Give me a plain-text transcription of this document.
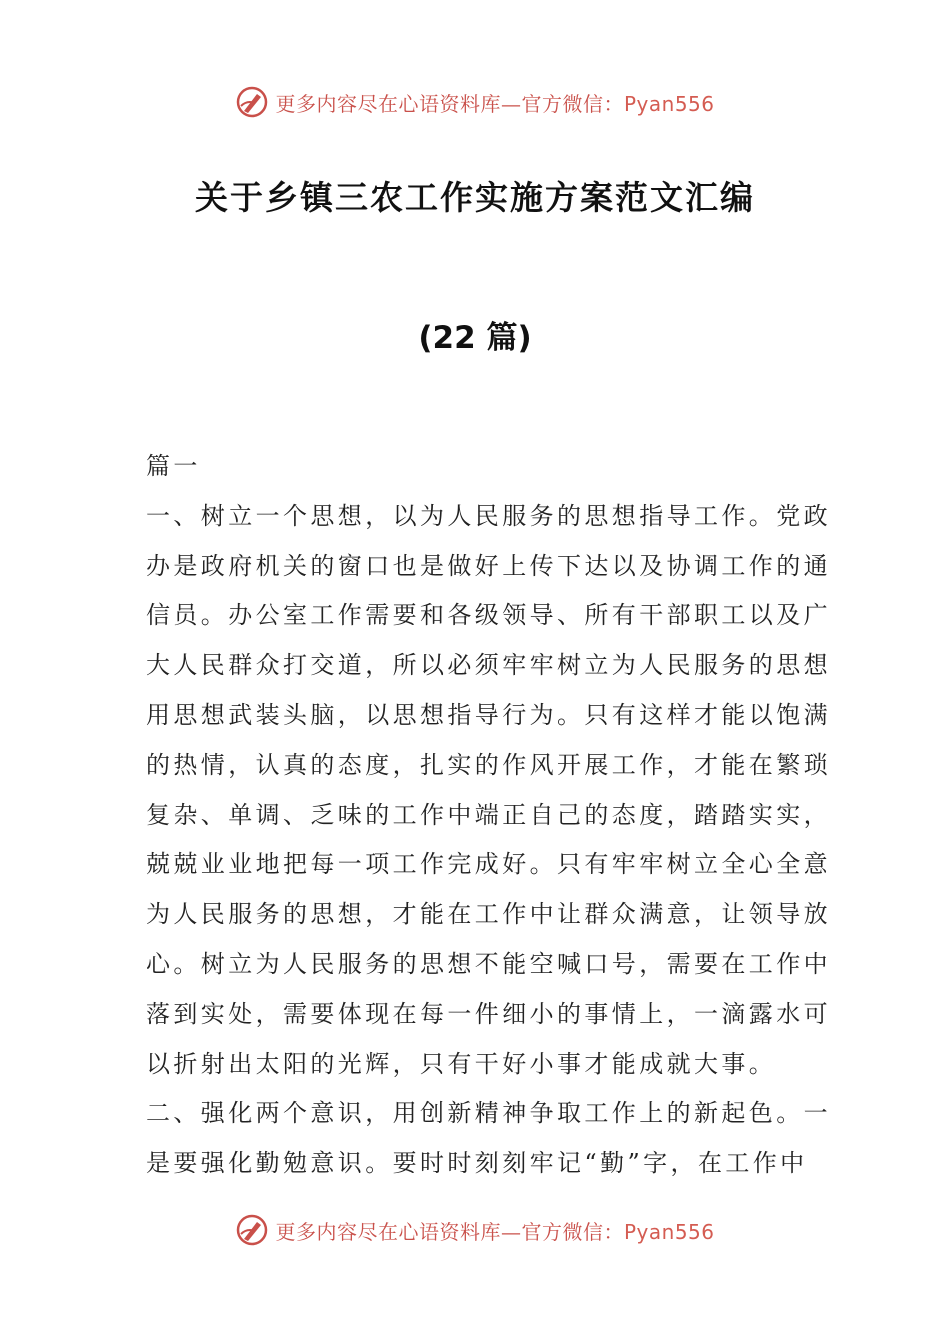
更多内容尽在心语资料库—官方微信：Pyan556
关于乡镇三农工作实施方案范文汇编
(22 篇)
篇一
一、树立一个思想，以为人民服务的思想指导工作。党政
办是政府机关的窗口也是做好上传下达以及协调工作的通
信员。办公室工作需要和各级领导、所有干部职工以及广
大人民群众打交道，所以必须牢牢树立为人民服务的思想
用思想武装头脑，以思想指导行为。只有这样才能以饱满
的热情，认真的态度，扎实的作风开展工作，才能在繁琐
复杂、单调、乏味的工作中端正自己的态度，踏踏实实，
兢兢业业地把每一项工作完成好。只有牢牢树立全心全意
为人民服务的思想，才能在工作中让群众满意，让领导放
心。树立为人民服务的思想不能空喊口号，需要在工作中
落到实处，需要体现在每一件细小的事情上，一滴露水可
以折射出太阳的光辉，只有干好小事才能成就大事。
二、强化两个意识，用创新精神争取工作上的新起色。一
是要强化勤勉意识。要时时刻刻牢记“勤”字，在工作中
更多内容尽在心语资料库—官方微信：Pyan556
